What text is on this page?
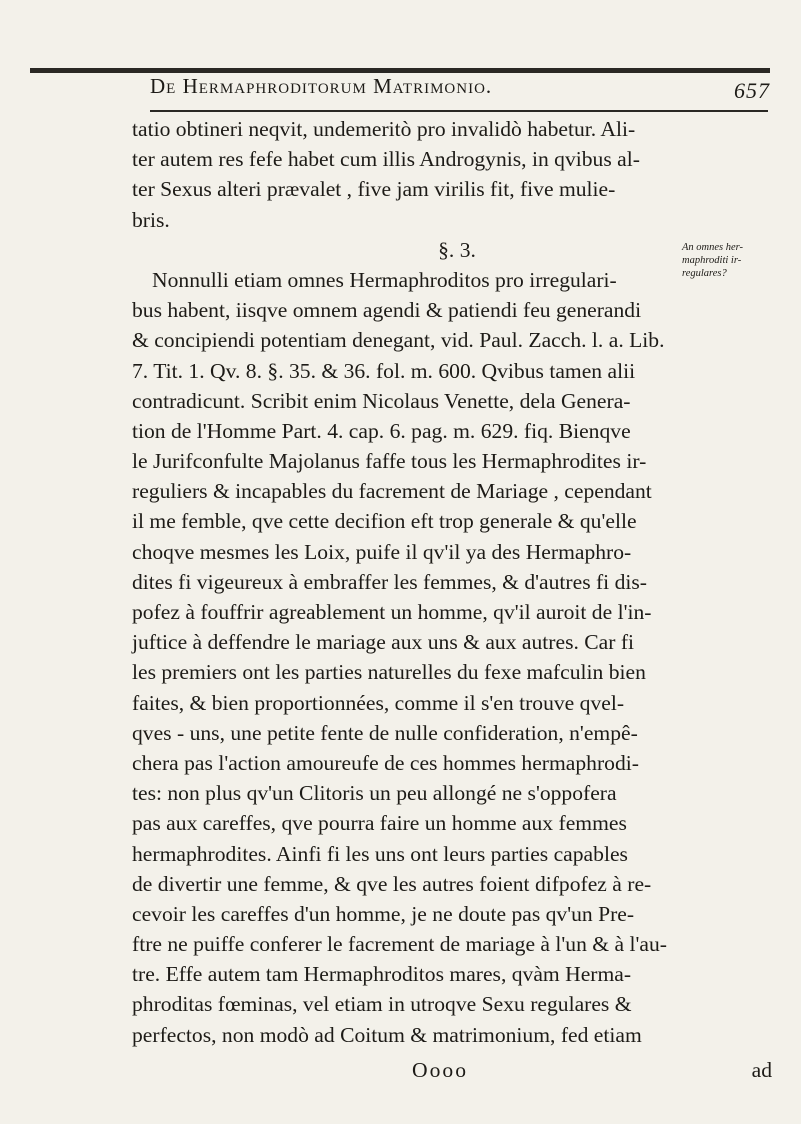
De Hermaphroditorum Matrimonio.	657
tatio obtineri neqvit, undemeritò pro invalidò habetur. Ali-
ter autem res fefe habet cum illis Androgynis, in qvibus al-
ter Sexus alteri prævalet , five jam virilis fit, five mulie-
bris.
§. 3.
Nonnulli etiam omnes Hermaphroditos pro irregulari-
bus habent, iisqve omnem agendi & patiendi feu generandi
& concipiendi potentiam denegant, vid. Paul. Zacch. l. a. Lib.
7. Tit. 1. Qv. 8. §. 35. & 36. fol. m. 600. Qvibus tamen alii
contradicunt. Scribit enim Nicolaus Venette, dela Genera-
tion de l'Homme Part. 4. cap. 6. pag. m. 629. fiq. Bienqve
le Jurifconfulte Majolanus faffe tous les Hermaphrodites ir-
reguliers & incapables du facrement de Mariage , cependant
il me femble, qve cette decifion eft trop generale & qu'elle
choqve mesmes les Loix, puife il qv'il ya des Hermaphro-
dites fi vigeureux à embraffer les femmes, & d'autres fi dis-
pofez à fouffrir agreablement un homme, qv'il auroit de l'in-
juftice à deffendre le mariage aux uns & aux autres. Car fi
les premiers ont les parties naturelles du fexe mafculin bien
faites, & bien proportionnées, comme il s'en trouve qvel-
qves - uns, une petite fente de nulle confideration, n'empê-
chera pas l'action amoureufe de ces hommes hermaphrodi-
tes: non plus qv'un Clitoris un peu allongé ne s'oppofera
pas aux careffes, qve pourra faire un homme aux femmes
hermaphrodites. Ainfi fi les uns ont leurs parties capables
de divertir une femme, & qve les autres foient difpofez à re-
cevoir les careffes d'un homme, je ne doute pas qv'un Pre-
ftre ne puiffe conferer le facrement de mariage à l'un & à l'au-
tre. Effe autem tam Hermaphroditos mares, qvàm Herma-
phroditas fœminas, vel etiam in utroqve Sexu regulares &
perfectos, non modò ad Coitum & matrimonium, fed etiam
An omnes her-
maphroditi ir-
regulares?
Oooo	ad
